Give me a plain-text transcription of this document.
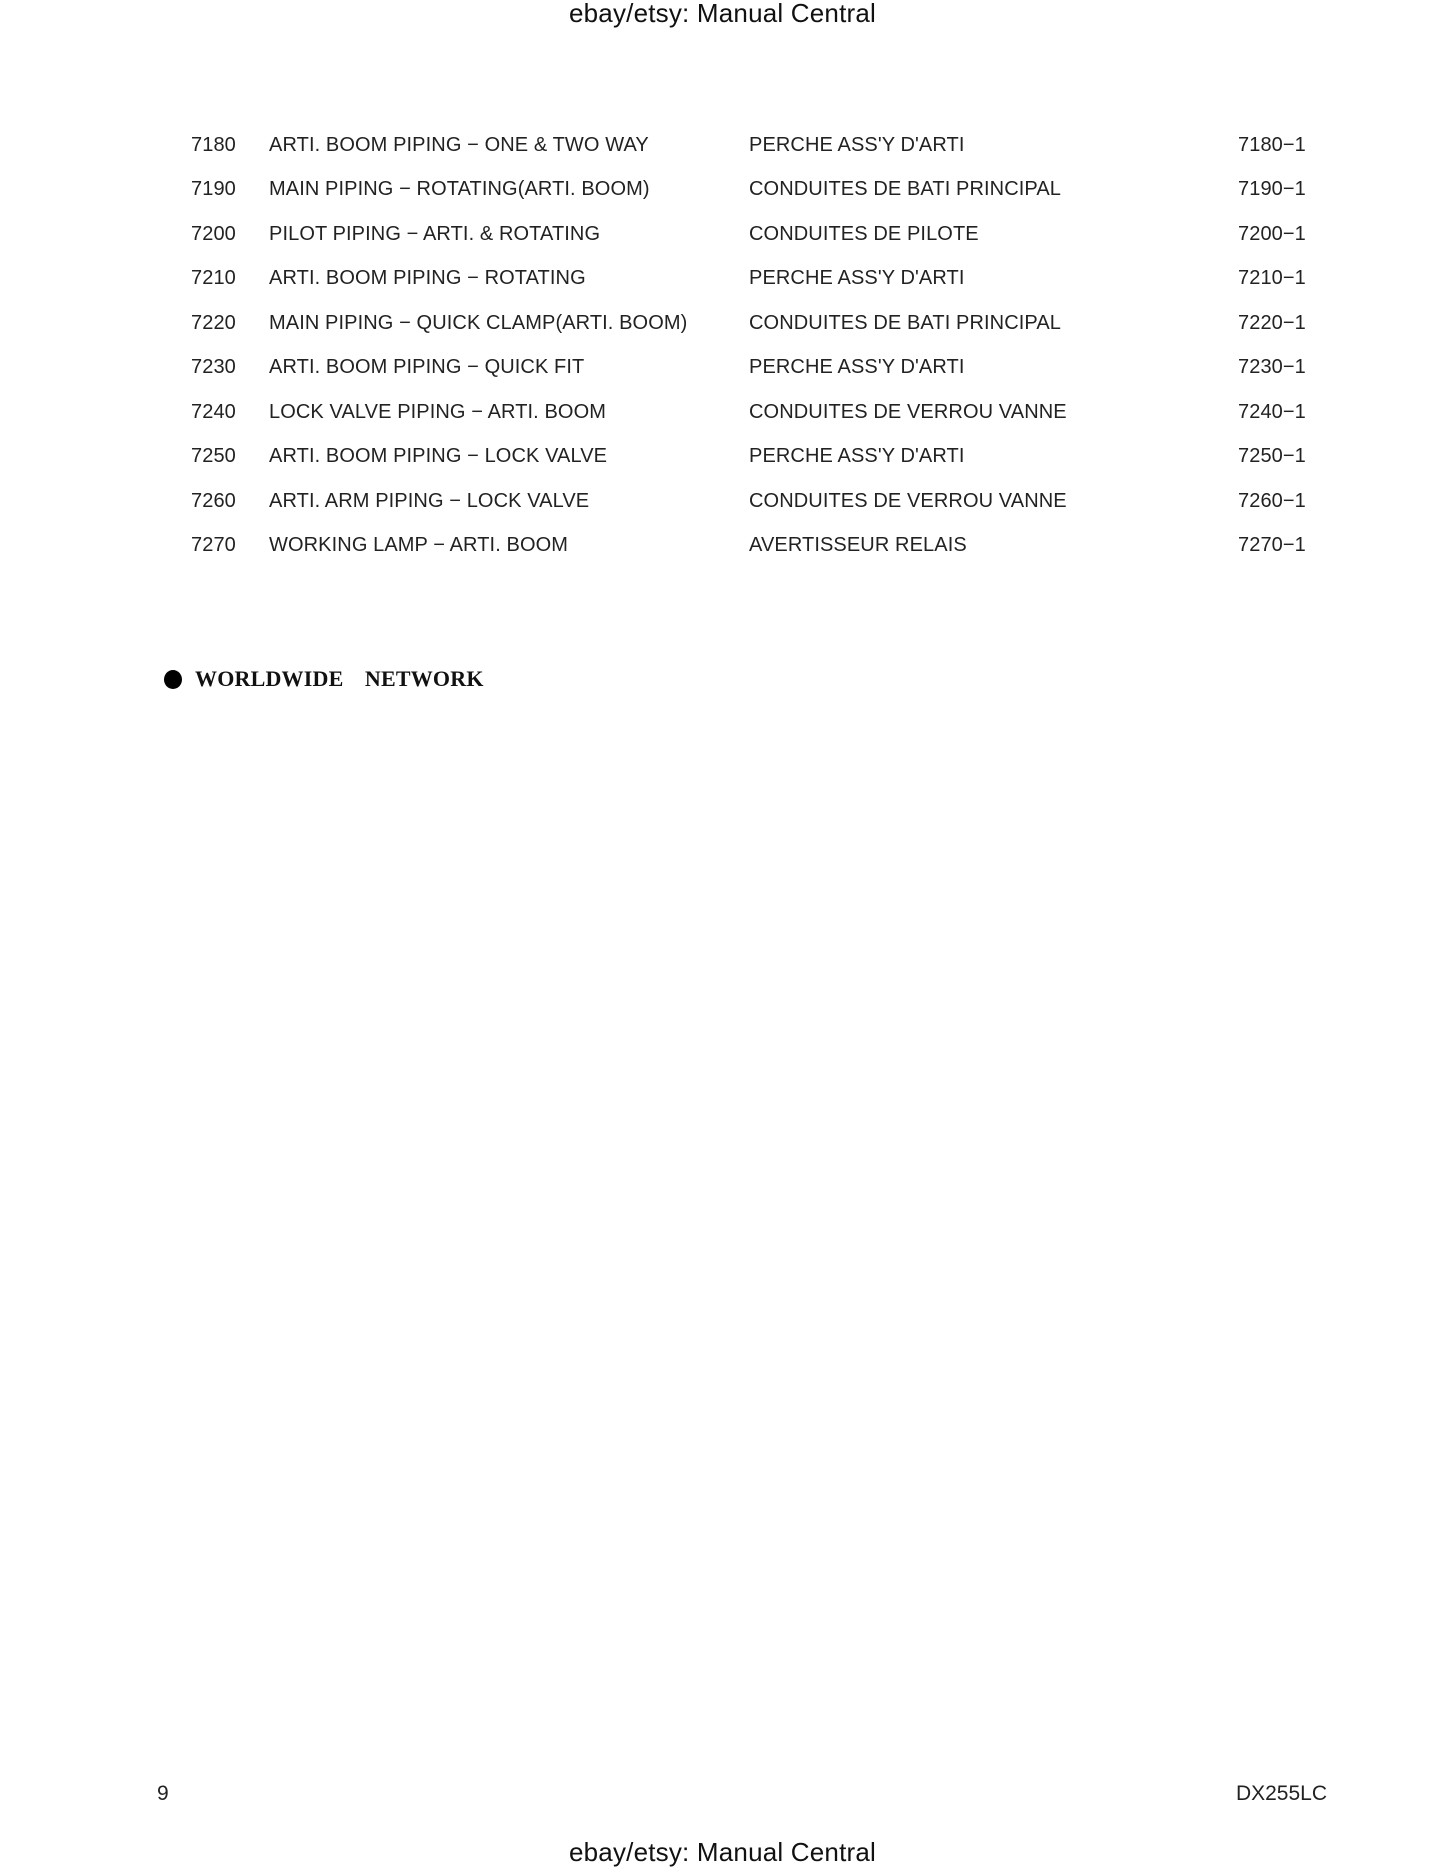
ebay/etsy: Manual Central
7180 ARTI. BOOM PIPING − ONE & TWO WAY	PERCHE ASS'Y D'ARTI	7180−1
7190 MAIN PIPING − ROTATING(ARTI. BOOM)	CONDUITES DE BATI PRINCIPAL	7190−1
7200 PILOT PIPING − ARTI. & ROTATING	CONDUITES DE PILOTE	7200−1
7210 ARTI. BOOM PIPING − ROTATING	PERCHE ASS'Y D'ARTI	7210−1
7220 MAIN PIPING − QUICK CLAMP(ARTI. BOOM)	CONDUITES DE BATI PRINCIPAL	7220−1
7230 ARTI. BOOM PIPING − QUICK FIT	PERCHE ASS'Y D'ARTI	7230−1
7240 LOCK VALVE PIPING − ARTI. BOOM	CONDUITES DE VERROU VANNE	7240−1
7250 ARTI. BOOM PIPING − LOCK VALVE	PERCHE ASS'Y D'ARTI	7250−1
7260 ARTI. ARM PIPING − LOCK VALVE	CONDUITES DE VERROU VANNE	7260−1
7270 WORKING LAMP − ARTI. BOOM	AVERTISSEUR RELAIS	7270−1
WORLDWIDE  NETWORK
9	DX255LC
ebay/etsy: Manual Central
